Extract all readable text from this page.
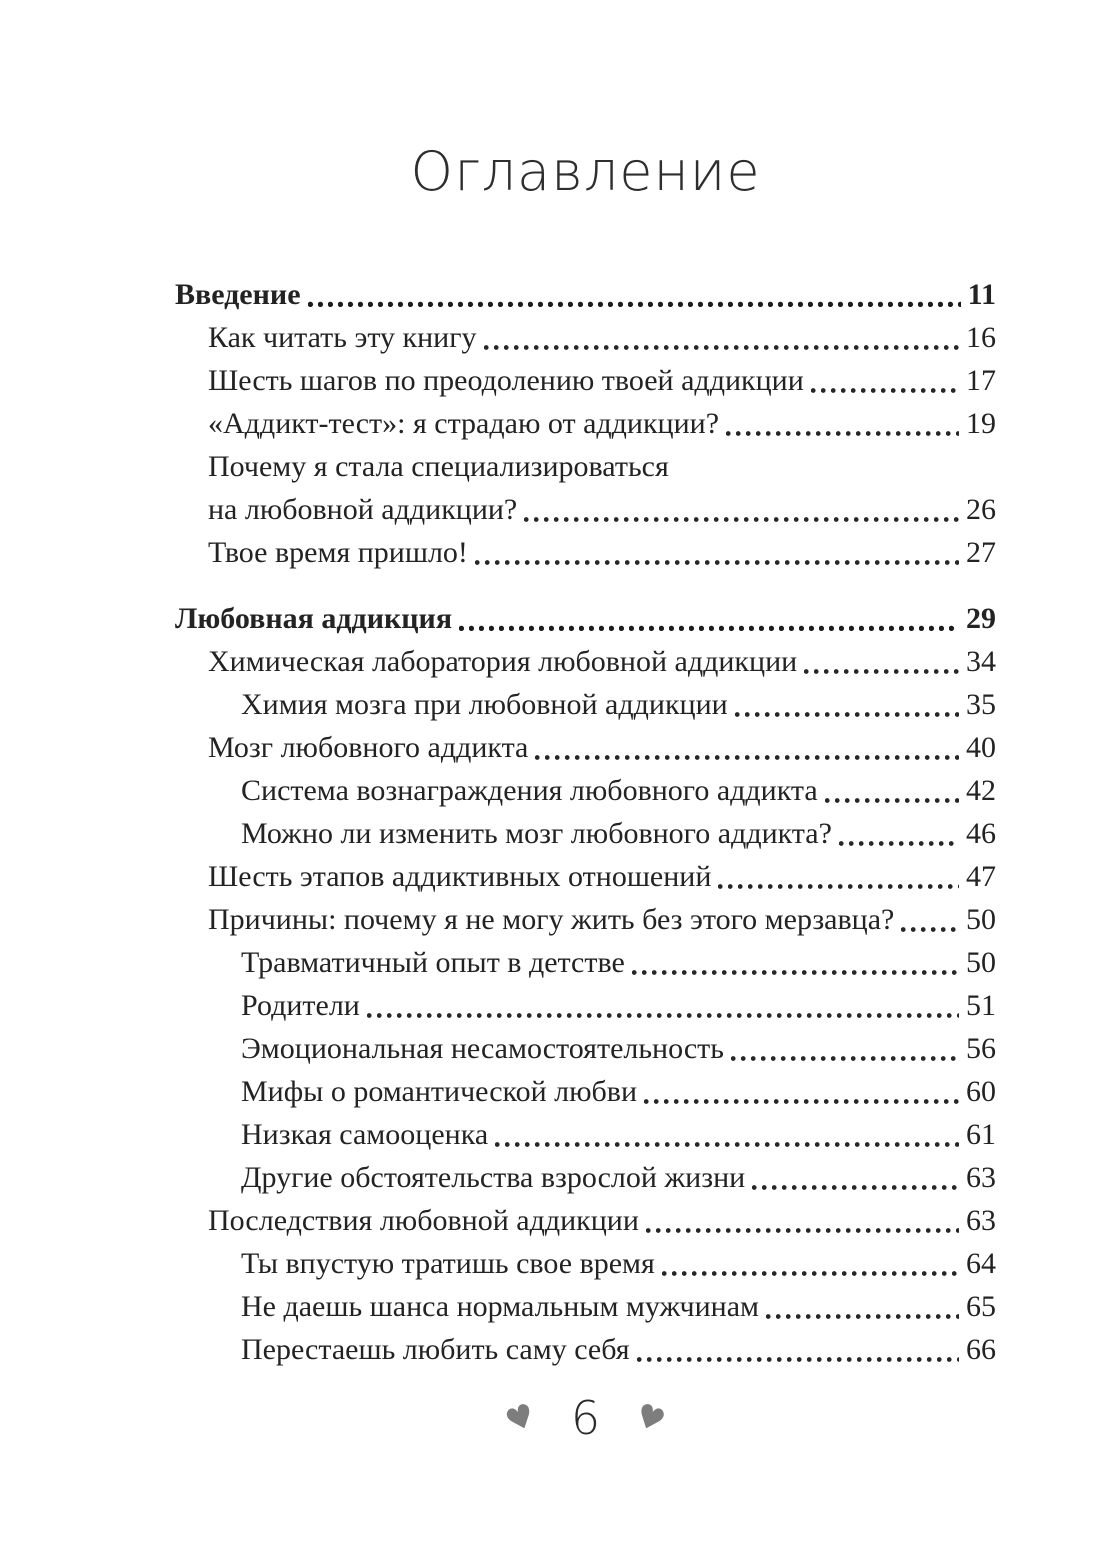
Оглавление
Введение	11
Как читать эту книгу	16
Шесть шагов по преодолению твоей аддикции	17
«Аддикт-тест»: я страдаю от аддикции?	19
Почему я стала специализироваться
на любовной аддикции?	26
Твое время пришло!	27
Любовная аддикция	29
Химическая лаборатория любовной аддикции	34
Химия мозга при любовной аддикции	35
Мозг любовного аддикта	40
Система вознаграждения любовного аддикта	42
Можно ли изменить мозг любовного аддикта?	46
Шесть этапов аддиктивных отношений	47
Причины: почему я не могу жить без этого мерзавца? 50
Травматичный опыт в детстве	50
Родители	51
Эмоциональная несамостоятельность	56
Мифы о романтической любви	60
Низкая самооценка	61
Другие обстоятельства взрослой жизни	63
Последствия любовной аддикции	63
Ты впустую тратишь свое время	64
Не даешь шанса нормальным мужчинам	65
Перестаешь любить саму себя	66
♥ 6 ♥
